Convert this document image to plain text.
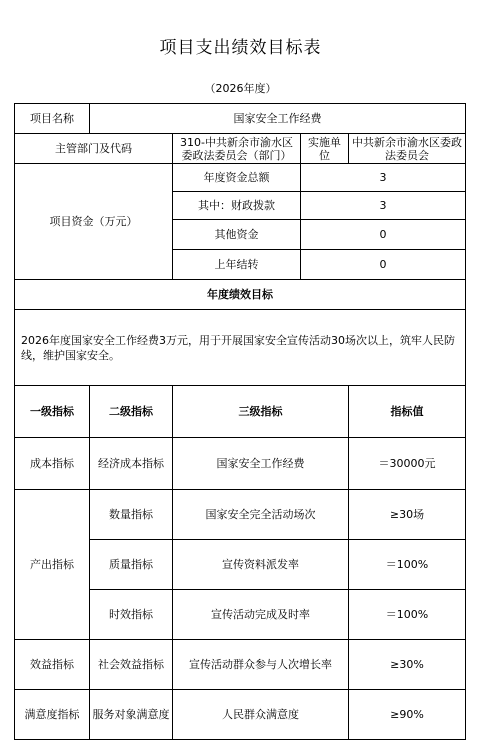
项目支出绩效目标表
（2026年度）
项目名称	国家安全工作经费			
主管部门及代码		310-中共新余市渝水区委政法委员会（部门）	实施单位	中共新余市渝水区委政法委员会
项目资金（万元）		年度资金总额	3	
		其中：财政拨款	3	
		其他资金	0	
		上年结转	0	
年度绩效目标				
2026年度国家安全工作经费3万元，用于开展国家安全宣传活动30场次以上，筑牢人民防线，维护国家安全。				
一级指标	二级指标	三级指标		指标值
成本指标	经济成本指标	国家安全工作经费		＝30000元
产出指标	数量指标	国家安全完全活动场次		≥30场
	质量指标	宣传资料派发率		＝100%
	时效指标	宣传活动完成及时率		＝100%
效益指标	社会效益指标	宣传活动群众参与人次增长率		≥30%
满意度指标	服务对象满意度	人民群众满意度		≥90%
